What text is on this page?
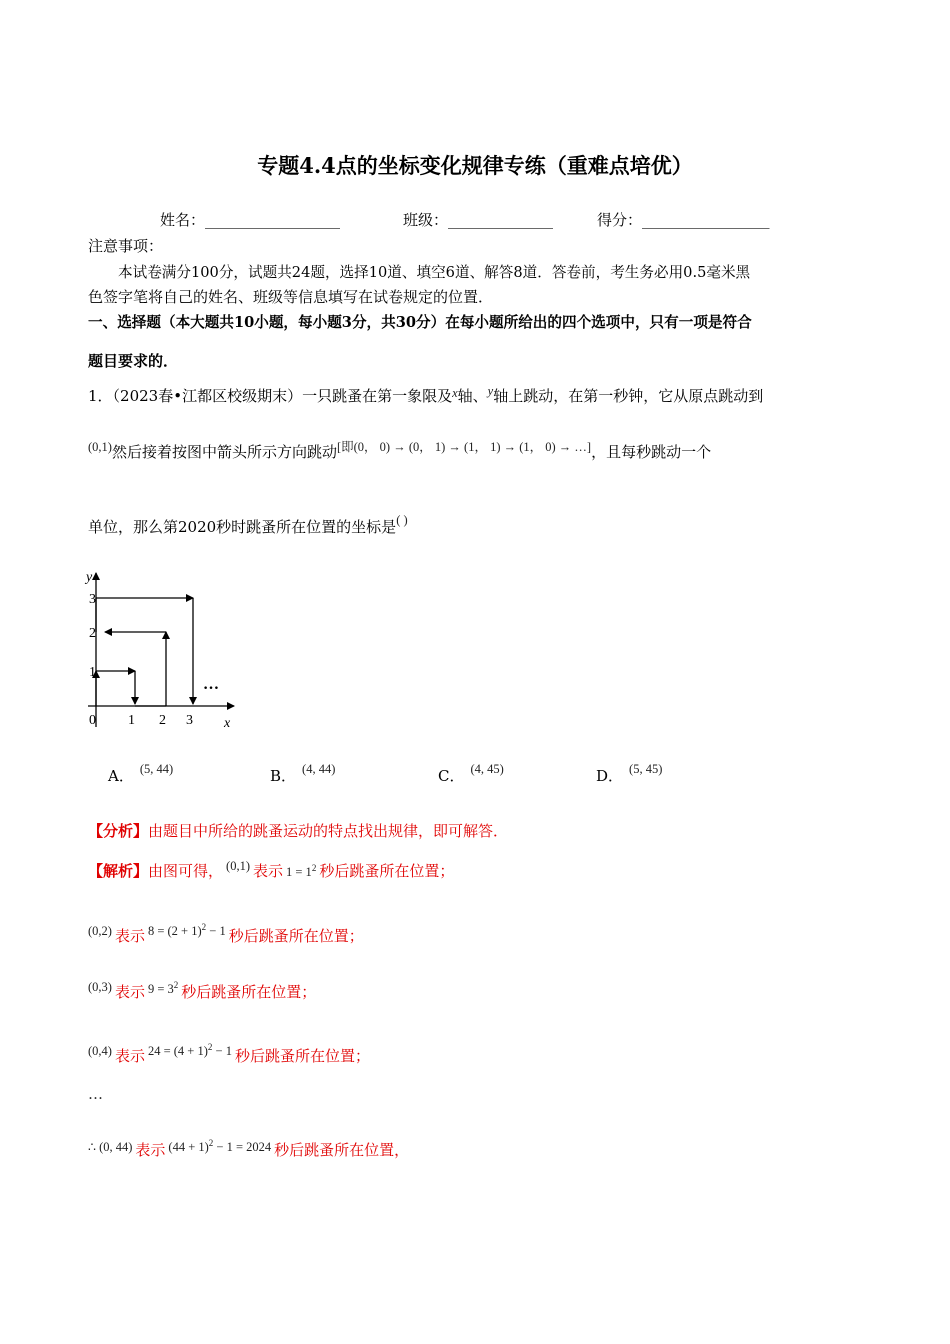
专题4.4点的坐标变化规律专练（重难点培优）
姓名：__________________	班级：______________	得分：_________________
注意事项：
本试卷满分100分，试题共24题，选择10道、填空6道、解答8道．答卷前，考生务必用0.5毫米黑
色签字笔将自己的姓名、班级等信息填写在试卷规定的位置．
一、选择题（本大题共10小题，每小题3分，共30分）在每小题所给出的四个选项中，只有一项是符合
题目要求的．
1．（2023春•江都区校级期末）一只跳蚤在第一象限及$^x$轴、$^y$轴上跳动，在第一秒钟，它从原点跳动到
$^{(0,1)}$然后接着按图中箭头所示方向跳动[即(0， 0) → (0， 1) → (1， 1) → (1， 0) → …]，且每秒跳动一个
单位，那么第2020秒时跳蚤所在位置的坐标是( )
y
x
0 1 2 3
1
2
3
…
A． $^{(5, 44)}$	B． $^{(4, 44)}$	C． $^{(4, 45)}$	D． $^{(5, 45)}$
【分析】由题目中所给的跳蚤运动的特点找出规律，即可解答．
【解析】由图可得， $^{(0,1)}$ 表示 $1 = 1^2$ 秒后跳蚤所在位置；
$^{(0,2)}$ 表示 $^{8 = (2 + 1)^2 - 1}$ 秒后跳蚤所在位置；
$^{(0,3)}$ 表示 $^{9 = 3^2}$ 秒后跳蚤所在位置；
$^{(0,4)}$ 表示 $^{24 = (4 + 1)^2 - 1}$ 秒后跳蚤所在位置；
…
$^{\therefore (0, 44)}$ 表示 $^{(44 + 1)^2 - 1 = 2024}$ 秒后跳蚤所在位置，
